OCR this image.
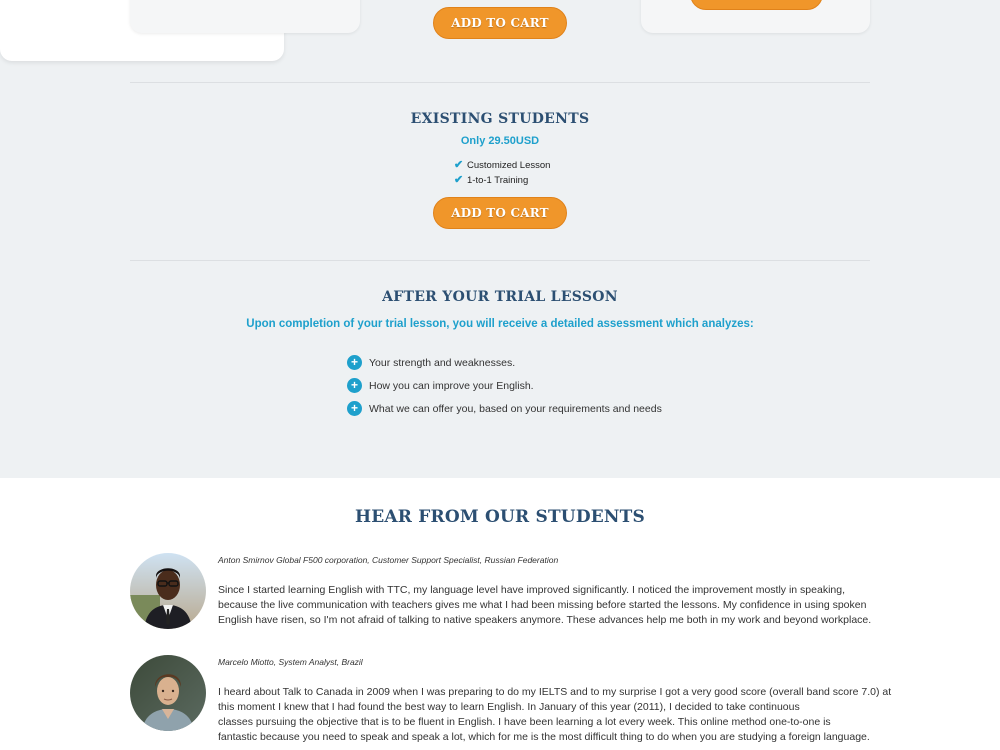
ADD TO CART
EXISTING STUDENTS
Only 29.50USD
✔ Customized Lesson
✔ 1-to-1 Training
ADD TO CART
AFTER YOUR TRIAL LESSON
Upon completion of your trial lesson, you will receive a detailed assessment which analyzes:
+	Your strength and weaknesses.
+	How you can improve your English.
+	What we can offer you, based on your requirements and needs
HEAR FROM OUR STUDENTS
Anton Smirnov Global F500 corporation, Customer Support Specialist, Russian Federation
Since I started learning English with TTC, my language level have improved significantly. I noticed the improvement mostly in speaking,
because the live communication with teachers gives me what I had been missing before started the lessons. My confidence in using spoken
English have risen, so I'm not afraid of talking to native speakers anymore. These advances help me both in my work and beyond workplace.
Marcelo Miotto, System Analyst, Brazil
I heard about Talk to Canada in 2009 when I was preparing to do my IELTS and to my surprise I got a very good score (overall band score 7.0) at
this moment I knew that I had found the best way to learn English. In January of this year (2011), I decided to take continuous
classes pursuing the objective that is to be fluent in English. I have been learning a lot every week. This online method one-to-one is
fantastic because you need to speak and speak a lot, which for me is the most difficult thing to do when you are studying a foreign language.
